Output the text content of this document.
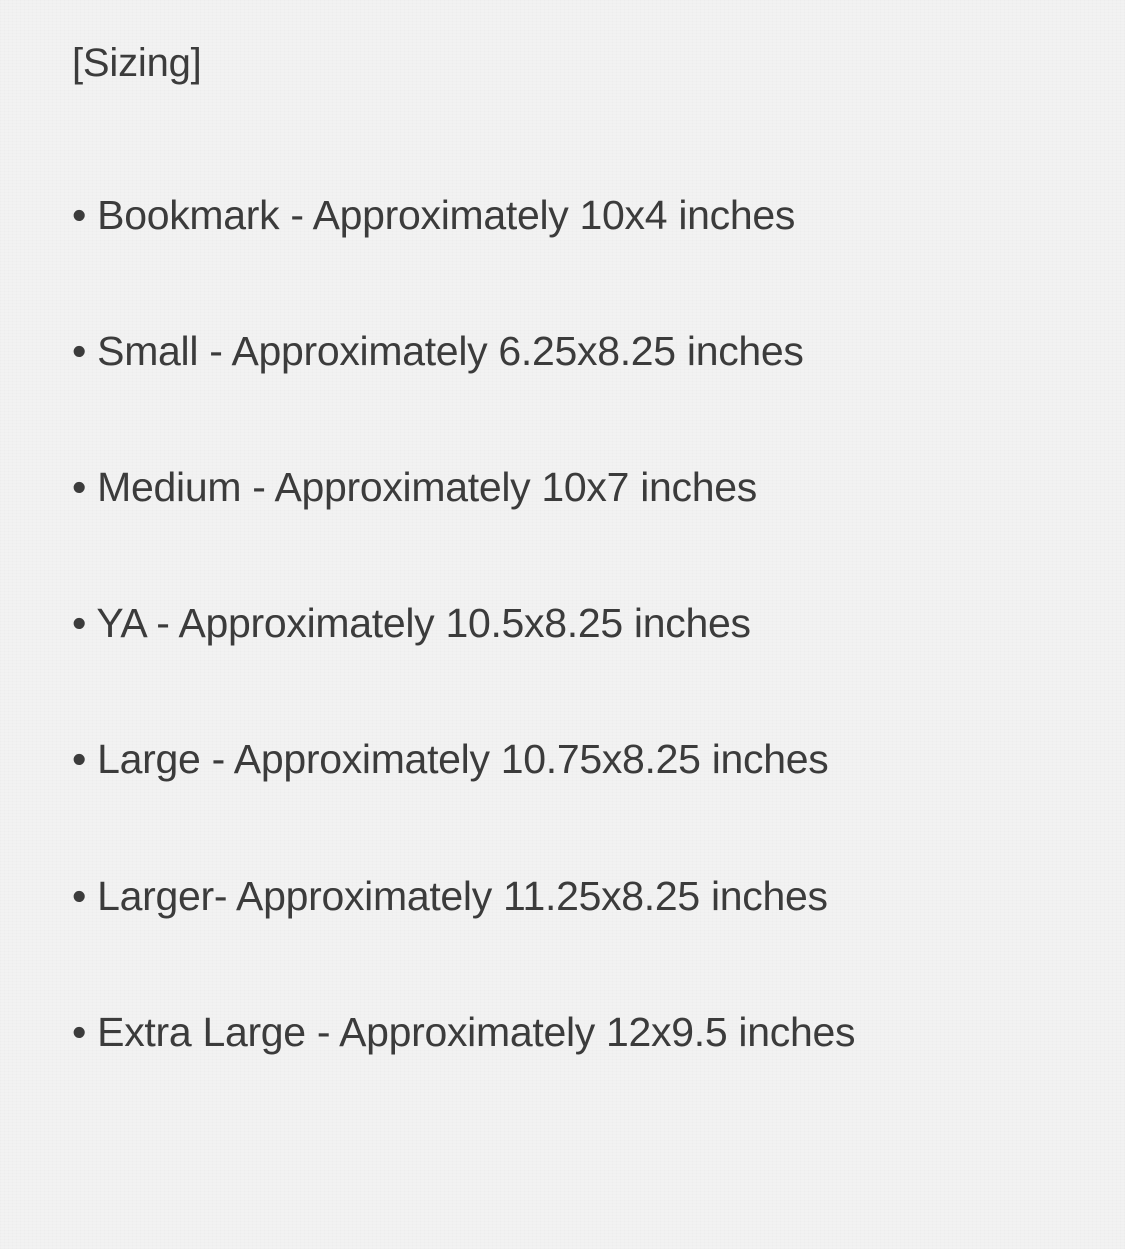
[Sizing]
• Bookmark - Approximately 10x4 inches
• Small - Approximately 6.25x8.25 inches
• Medium - Approximately 10x7 inches
• YA - Approximately 10.5x8.25 inches
• Large - Approximately 10.75x8.25 inches
• Larger- Approximately 11.25x8.25 inches
• Extra Large - Approximately 12x9.5 inches
